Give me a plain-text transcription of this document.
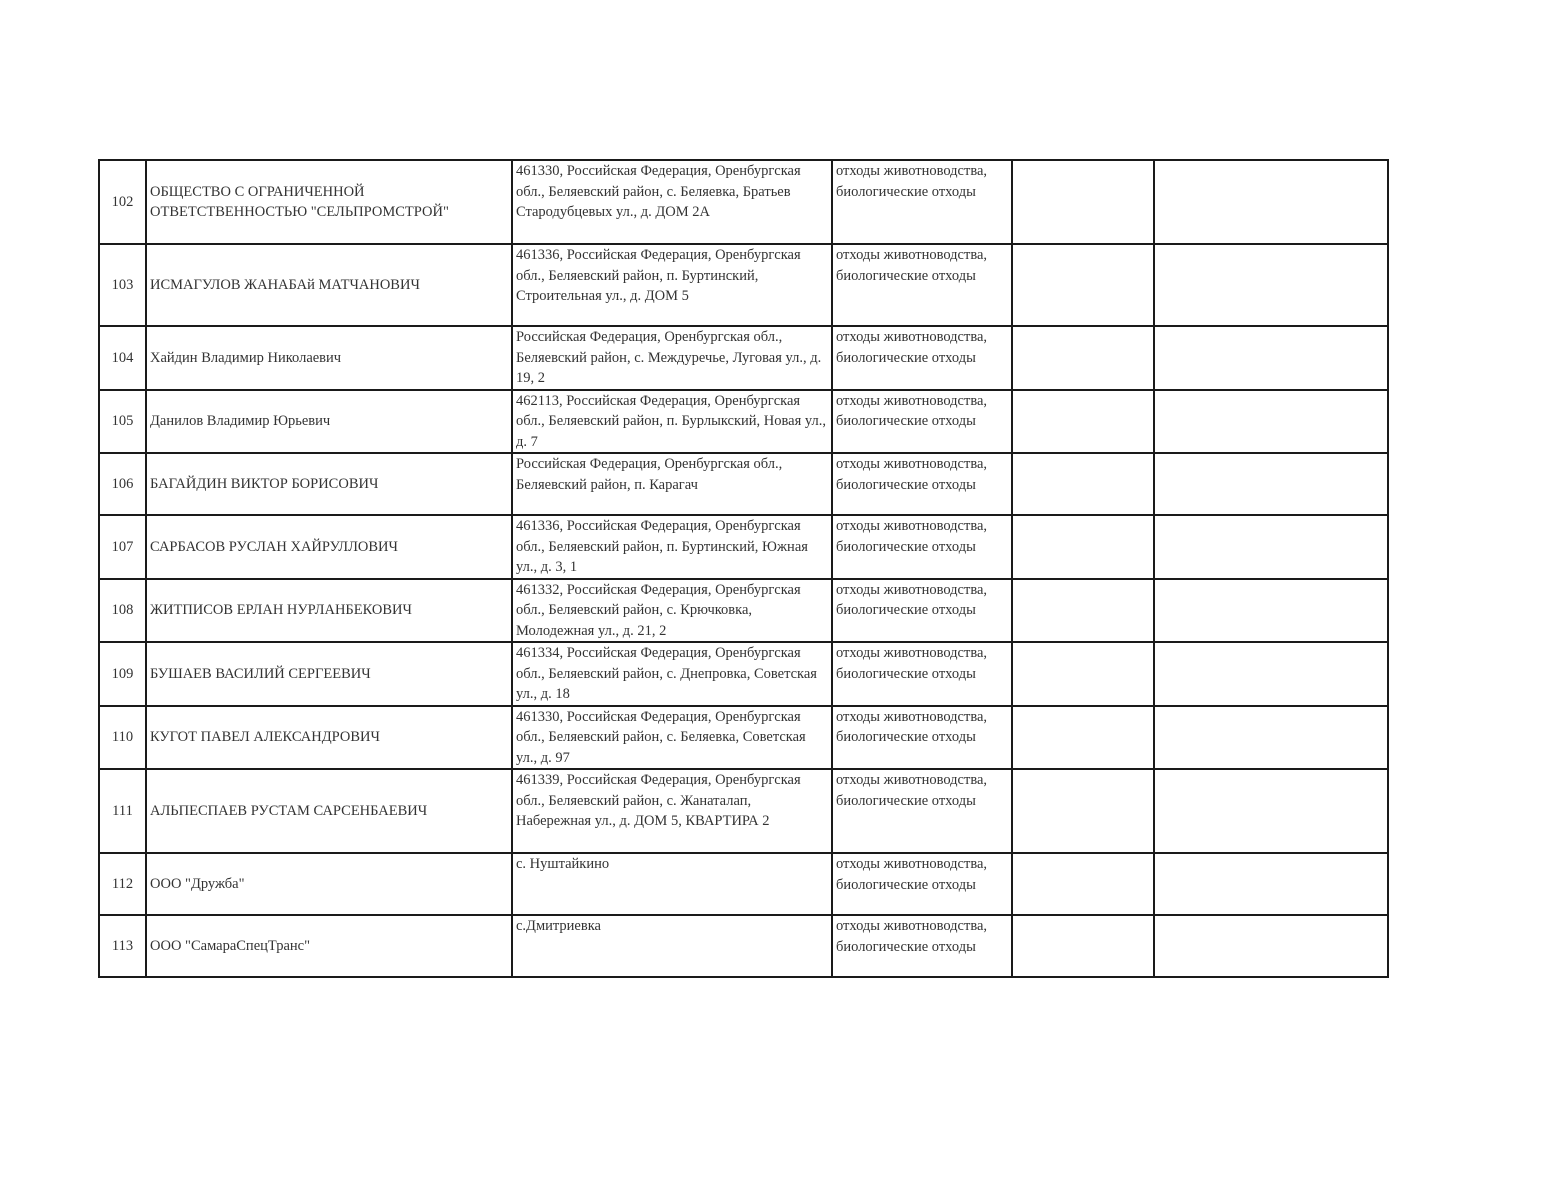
102	ОБЩЕСТВО С ОГРАНИЧЕННОЙ ОТВЕТСТВЕННОСТЬЮ "СЕЛЬПРОМСТРОЙ"	461330, Российская Федерация, Оренбургская обл., Беляевский район, с. Беляевка, Братьев Стародубцевых ул., д. ДОМ 2А	отходы животноводства,
биологические отходы		

103	ИСМАГУЛОВ ЖАНАБАй МАТЧАНОВИЧ	461336, Российская Федерация, Оренбургская обл., Беляевский район, п. Буртинский, Строительная ул., д. ДОМ 5	отходы животноводства,
биологические отходы		

104	Хайдин Владимир Николаевич	Российская Федерация, Оренбургская обл., Беляевский район, с. Междуречье, Луговая ул., д. 19, 2	отходы животноводства,
биологические отходы		

105	Данилов Владимир Юрьевич	462113, Российская Федерация, Оренбургская обл., Беляевский район, п. Бурлыкский, Новая ул., д. 7	отходы животноводства,
биологические отходы		

106	БАГАЙДИН ВИКТОР БОРИСОВИЧ	Российская Федерация, Оренбургская обл., Беляевский район, п. Карагач	отходы животноводства,
биологические отходы		

107	САРБАСОВ РУСЛАН ХАЙРУЛЛОВИЧ	461336, Российская Федерация, Оренбургская обл., Беляевский район, п. Буртинский, Южная ул., д. 3, 1	отходы животноводства,
биологические отходы		

108	ЖИТПИСОВ ЕРЛАН НУРЛАНБЕКОВИЧ	461332, Российская Федерация, Оренбургская обл., Беляевский район, с. Крючковка, Молодежная ул., д. 21, 2	отходы животноводства,
биологические отходы		

109	БУШАЕВ ВАСИЛИЙ СЕРГЕЕВИЧ	461334, Российская Федерация, Оренбургская обл., Беляевский район, с. Днепровка, Советская ул., д. 18	отходы животноводства,
биологические отходы		

110	КУГОТ ПАВЕЛ АЛЕКСАНДРОВИЧ	461330, Российская Федерация, Оренбургская обл., Беляевский район, с. Беляевка, Советская ул., д. 97	отходы животноводства,
биологические отходы		

111	АЛЬПЕСПАЕВ РУСТАМ САРСЕНБАЕВИЧ	461339, Российская Федерация, Оренбургская обл., Беляевский район, с. Жанаталап, Набережная ул., д. ДОМ 5, КВАРТИРА 2	отходы животноводства,
биологические отходы		

112	ООО "Дружба"	с. Нуштайкино	отходы животноводства,
биологические отходы		

113	ООО "СамараСпецТранс"	с.Дмитриевка	отходы животноводства,
биологические отходы		
